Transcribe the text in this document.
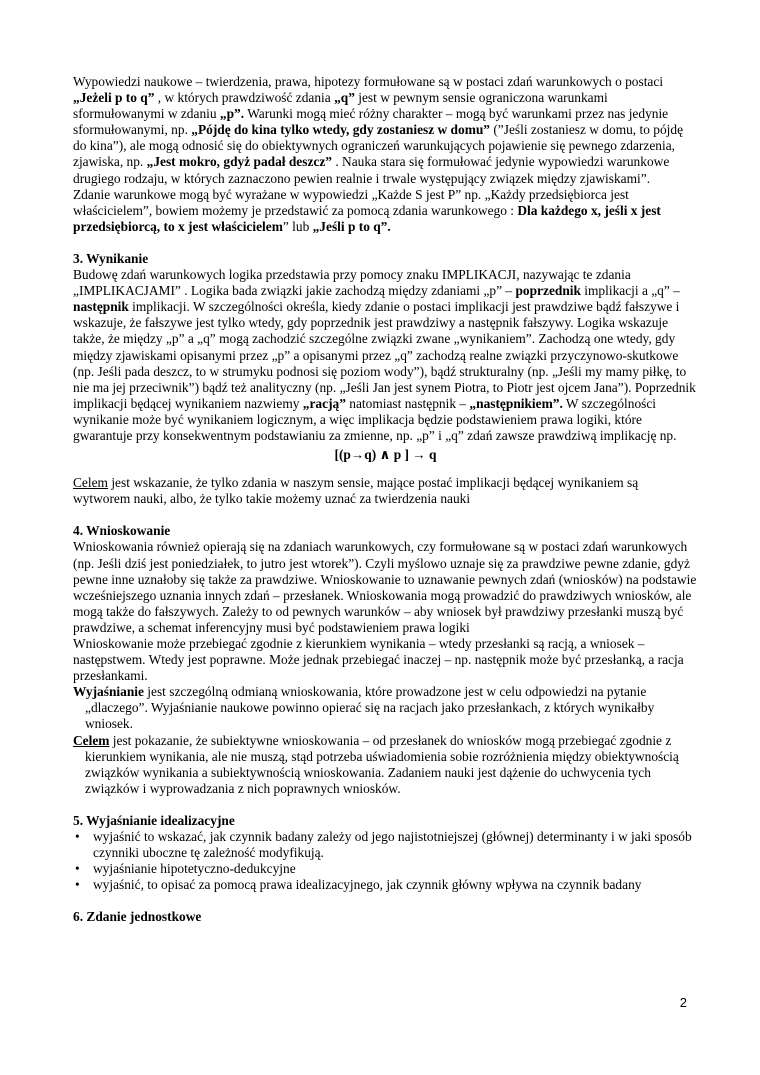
Wypowiedzi naukowe – twierdzenia, prawa, hipotezy formułowane są w postaci zdań warunkowych o postaci „Jeżeli p to q” , w których prawdziwość zdania „q” jest w pewnym sensie ograniczona warunkami sformułowanymi w zdaniu „p”. Warunki mogą mieć różny charakter – mogą być warunkami przez nas jedynie sformułowanymi, np. „Pójdę do kina tylko wtedy, gdy zostaniesz w domu” (”Jeśli zostaniesz w domu, to pójdę do kina”), ale mogą odnosić się do obiektywnych ograniczeń warunkujących pojawienie się pewnego zdarzenia, zjawiska, np. „Jest mokro, gdyż padał deszcz” . Nauka stara się formułować jedynie wypowiedzi warunkowe drugiego rodzaju, w których zaznaczono pewien realnie i trwale występujący związek między zjawiskami”.

Zdanie warunkowe mogą być wyrażane w wypowiedzi „Każde S jest P” np. „Każdy przedsiębiorca jest właścicielem”, bowiem możemy je przedstawić za pomocą zdania warunkowego : Dla każdego x, jeśli x jest przedsiębiorcą, to x jest właścicielem” lub „Jeśli p to q”.

3. Wynikanie

Budowę zdań warunkowych logika przedstawia przy pomocy znaku IMPLIKACJI, nazywając te zdania „IMPLIKACJAMI” . Logika bada związki jakie zachodzą między zdaniami „p” – poprzednik implikacji a „q” – następnik implikacji. W szczególności określa, kiedy zdanie o postaci implikacji jest prawdziwe bądź fałszywe i wskazuje, że fałszywe jest tylko wtedy, gdy poprzednik jest prawdziwy a następnik fałszywy. Logika wskazuje także, że między „p” a „q” mogą zachodzić szczególne związki zwane „wynikaniem”. Zachodzą one wtedy, gdy między zjawiskami opisanymi przez „p” a opisanymi przez „q” zachodzą realne związki przyczynowo-skutkowe (np. Jeśli pada deszcz, to w strumyku podnosi się poziom wody”), bądź strukturalny (np. „Jeśli my mamy piłkę, to nie ma jej przeciwnik”) bądź też analityczny (np. „Jeśli Jan jest synem Piotra, to Piotr jest ojcem Jana”). Poprzednik implikacji będącej wynikaniem nazwiemy „racją” natomiast następnik – „następnikiem”. W szczególności wynikanie może być wynikaniem logicznym, a więc implikacja będzie podstawieniem prawa logiki, które gwarantuje przy konsekwentnym podstawianiu za zmienne, np. „p” i „q” zdań zawsze prawdziwą implikację np.

[(p→q) ∧ p ] → q

Celem jest wskazanie, że tylko zdania w naszym sensie, mające postać implikacji będącej wynikaniem są wytworem nauki, albo, że tylko takie możemy uznać za twierdzenia nauki

4. Wnioskowanie

Wnioskowania również opierają się na zdaniach warunkowych, czy formułowane są w postaci zdań warunkowych (np. Jeśli dziś jest poniedziałek, to jutro jest wtorek”). Czyli myślowo uznaje się za prawdziwe pewne zdanie, gdyż pewne inne uznałoby się także za prawdziwe. Wnioskowanie to uznawanie pewnych zdań (wniosków) na podstawie wcześniejszego uznania innych zdań – przesłanek. Wnioskowania mogą prowadzić do prawdziwych wniosków, ale mogą także do fałszywych. Zależy to od pewnych warunków – aby wniosek był prawdziwy przesłanki muszą być prawdziwe, a schemat inferencyjny musi być podstawieniem prawa logiki

Wnioskowanie może przebiegać zgodnie z kierunkiem wynikania – wtedy przesłanki są racją, a wniosek – następstwem. Wtedy jest poprawne. Może jednak przebiegać inaczej – np. następnik może być przesłanką, a racja przesłankami.

Wyjaśnianie jest szczególną odmianą wnioskowania, które prowadzone jest w celu odpowiedzi na pytanie „dlaczego”. Wyjaśnianie naukowe powinno opierać się na racjach jako przesłankach, z których wynikałby wniosek.

Celem jest pokazanie, że subiektywne wnioskowania – od przesłanek do wniosków mogą przebiegać zgodnie z kierunkiem wynikania, ale nie muszą, stąd potrzeba uświadomienia sobie rozróżnienia między obiektywnością związków wynikania a subiektywnością wnioskowania. Zadaniem nauki jest dążenie do uchwycenia tych związków i wyprowadzania z nich poprawnych wniosków.

5. Wyjaśnianie idealizacyjne

• wyjaśnić to wskazać, jak czynnik badany zależy od jego najistotniejszej (głównej) determinanty i w jaki sposób czynniki uboczne tę zależność modyfikują.

• wyjaśnianie hipotetyczno-dedukcyjne

• wyjaśnić, to opisać za pomocą prawa idealizacyjnego, jak czynnik główny wpływa na czynnik badany

6. Zdanie jednostkowe

2
